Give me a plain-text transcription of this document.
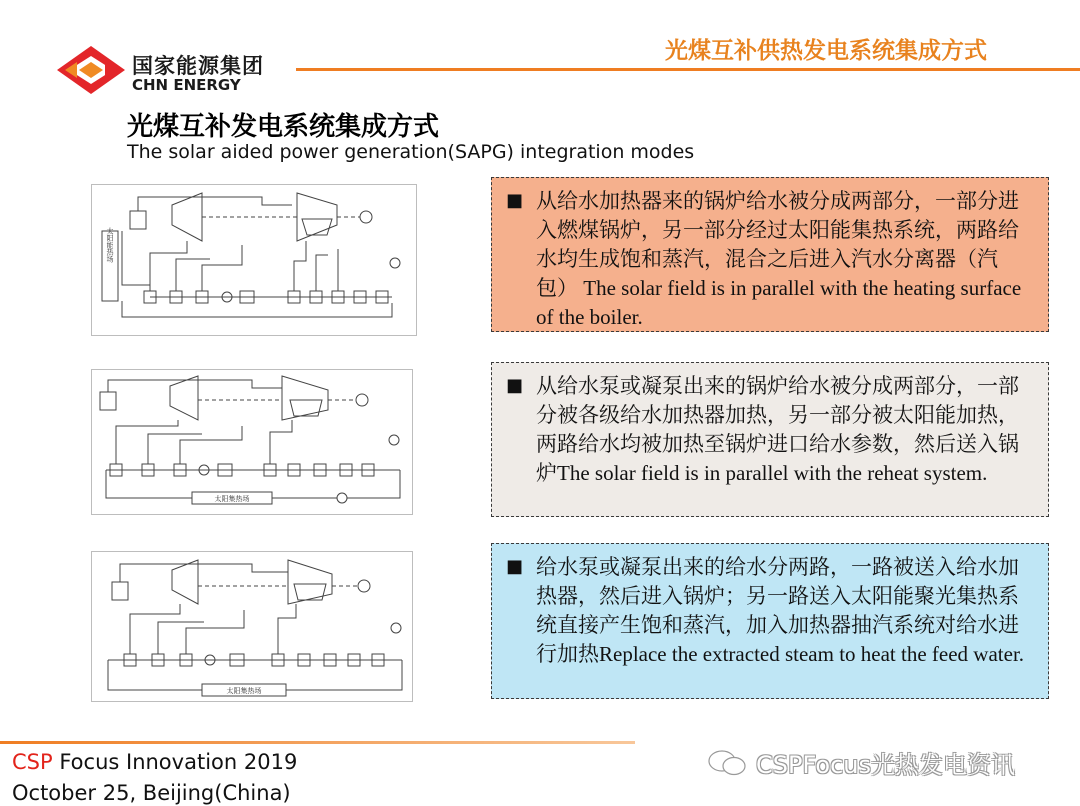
国家能源集团
CHN ENERGY
光煤互补供热发电系统集成方式
光煤互补发电系统集成方式
The solar aided power generation(SAPG) integration modes
太阳能热场
太阳集热场
太阳集热场
■ 从给水加热器来的锅炉给水被分成两部分，一部分进入燃煤锅炉，另一部分经过太阳能集热系统，两路给水均生成饱和蒸汽，混合之后进入汽水分离器（汽包） The solar field is in parallel with the heating surface of the boiler.
■ 从给水泵或凝泵出来的锅炉给水被分成两部分，一部分被各级给水加热器加热，另一部分被太阳能加热，两路给水均被加热至锅炉进口给水参数，然后送入锅炉The solar field is in parallel with the reheat system.
■ 给水泵或凝泵出来的给水分两路，一路被送入给水加热器，然后进入锅炉；另一路送入太阳能聚光集热系统直接产生饱和蒸汽，加入加热器抽汽系统对给水进行加热Replace the extracted steam to heat the feed water.
CSP Focus Innovation 2019
October 25, Beijing(China)
CSPFocus光热发电资讯
